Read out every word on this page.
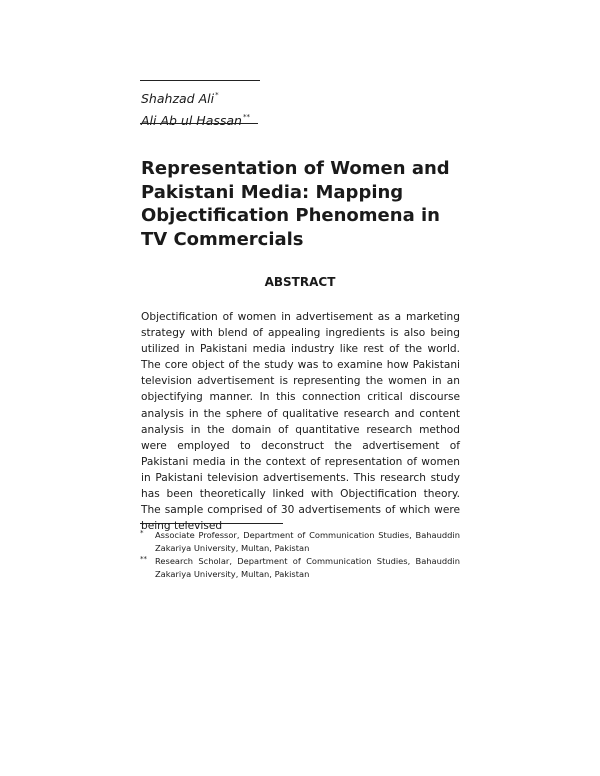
Shahzad Ali*
Ali Ab ul Hassan**
Representation of Women and Pakistani Media: Mapping Objectification Phenomena in TV Commercials
ABSTRACT

Objectification of women in advertisement as a marketing strategy with blend of appealing ingredients is also being utilized in Pakistani media industry like rest of the world. The core object of the study was to examine how Pakistani television advertisement is representing the women in an objectifying manner. In this connection critical discourse analysis in the sphere of qualitative research and content analysis in the domain of quantitative research method were employed to deconstruct the advertisement of Pakistani media in the context of representation of women in Pakistani television advertisements. This research study has been theoretically linked with Objectification theory. The sample comprised of 30 advertisements of which were being televised

* Associate Professor, Department of Communication Studies, Bahauddin Zakariya University, Multan, Pakistan
** Research Scholar, Department of Communication Studies, Bahauddin Zakariya University, Multan, Pakistan
